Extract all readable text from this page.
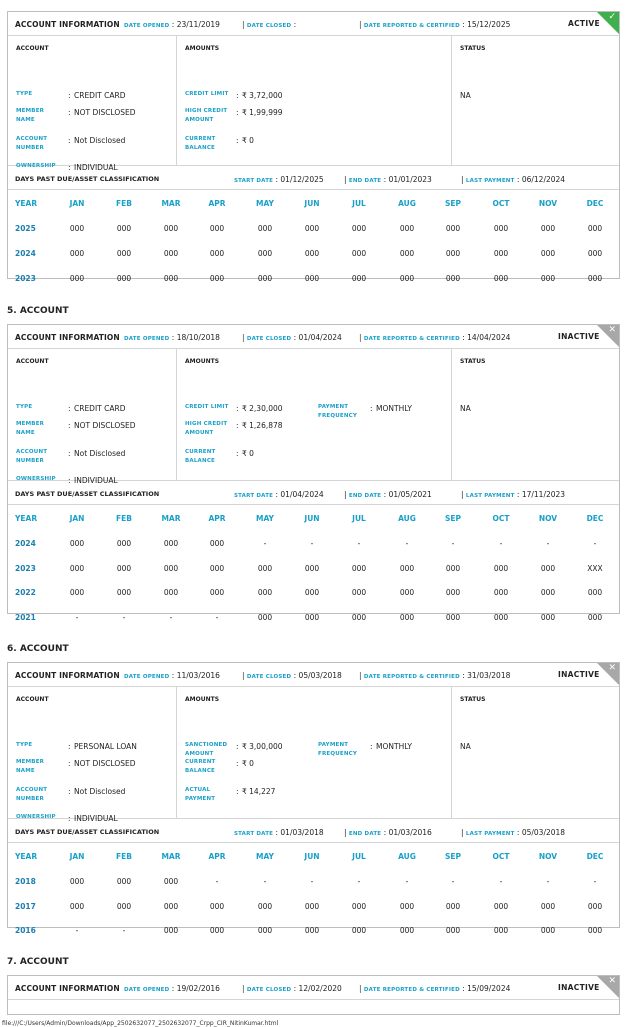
ACCOUNT INFORMATION DATE OPENED : 23/11/2019	| DATE CLOSED :	| DATE REPORTED & CERTIFIED : 15/12/2025	ACTIVE
✓
ACCOUNT	AMOUNTS	STATUS
TYPE	: CREDIT CARD
MEMBER NAME
: NOT DISCLOSED
ACCOUNT NUMBER
: Not Disclosed
OWNERSHIP	: INDIVIDUAL
CREDIT LIMIT : ₹ 3,72,000
HIGH CREDIT AMOUNT
: ₹ 1,99,999
CURRENT BALANCE
: ₹ 0
NA
DAYS PAST DUE/ASSET CLASSIFICATION	START DATE : 01/12/2025	| END DATE : 01/01/2023	| LAST PAYMENT : 06/12/2024
YEAR	JAN	FEB	MAR	APR	MAY	JUN	JUL	AUG	SEP	OCT	NOV	DEC
2025	000	000	000	000	000	000	000	000	000	000	000	000
2024	000	000	000	000	000	000	000	000	000	000	000	000
2023	000	000	000	000	000	000	000	000	000	000	000	000
5. ACCOUNT
ACCOUNT INFORMATION DATE OPENED : 18/10/2018	| DATE CLOSED : 01/04/2024 | DATE REPORTED & CERTIFIED : 14/04/2024	INACTIVE
✕
ACCOUNT	AMOUNTS	STATUS
TYPE	: CREDIT CARD
MEMBER NAME
: NOT DISCLOSED
ACCOUNT NUMBER
: Not Disclosed
OWNERSHIP	: INDIVIDUAL
CREDIT LIMIT : ₹ 2,30,000
HIGH CREDIT AMOUNT
: ₹ 1,26,878
CURRENT BALANCE
: ₹ 0
PAYMENT FREQUENCY
: MONTHLY	NA
DAYS PAST DUE/ASSET CLASSIFICATION	START DATE : 01/04/2024	| END DATE : 01/05/2021	| LAST PAYMENT : 17/11/2023
YEAR	JAN	FEB	MAR	APR	MAY	JUN	JUL	AUG	SEP	OCT	NOV	DEC
2024	000	000	000	000	-	-	-	-	-	-	-	-
2023	000	000	000	000	000	000	000	000	000	000	000	XXX
2022	000	000	000	000	000	000	000	000	000	000	000	000
2021	-	-	-	-	000	000	000	000	000	000	000	000
6. ACCOUNT
ACCOUNT INFORMATION DATE OPENED : 11/03/2016	| DATE CLOSED : 05/03/2018 | DATE REPORTED & CERTIFIED : 31/03/2018	INACTIVE
✕
ACCOUNT	AMOUNTS	STATUS
TYPE	: PERSONAL LOAN
MEMBER NAME
: NOT DISCLOSED
ACCOUNT NUMBER
: Not Disclosed
OWNERSHIP	: INDIVIDUAL
SANCTIONED AMOUNT
: ₹ 3,00,000
CURRENT BALANCE
: ₹ 0
ACTUAL PAYMENT
: ₹ 14,227
PAYMENT FREQUENCY
: MONTHLY	NA
DAYS PAST DUE/ASSET CLASSIFICATION	START DATE : 01/03/2018	| END DATE : 01/03/2016	| LAST PAYMENT : 05/03/2018
YEAR	JAN	FEB	MAR	APR	MAY	JUN	JUL	AUG	SEP	OCT	NOV	DEC
2018	000	000	000	-	-	-	-	-	-	-	-	-
2017	000	000	000	000	000	000	000	000	000	000	000	000
2016	-	-	000	000	000	000	000	000	000	000	000	000
7. ACCOUNT
ACCOUNT INFORMATION DATE OPENED : 19/02/2016	| DATE CLOSED : 12/02/2020 | DATE REPORTED & CERTIFIED : 15/09/2024	INACTIVE
✕
file:///C:/Users/Admin/Downloads/App_2502632077_2502632077_Crpp_CIR_NitinKumar.html
